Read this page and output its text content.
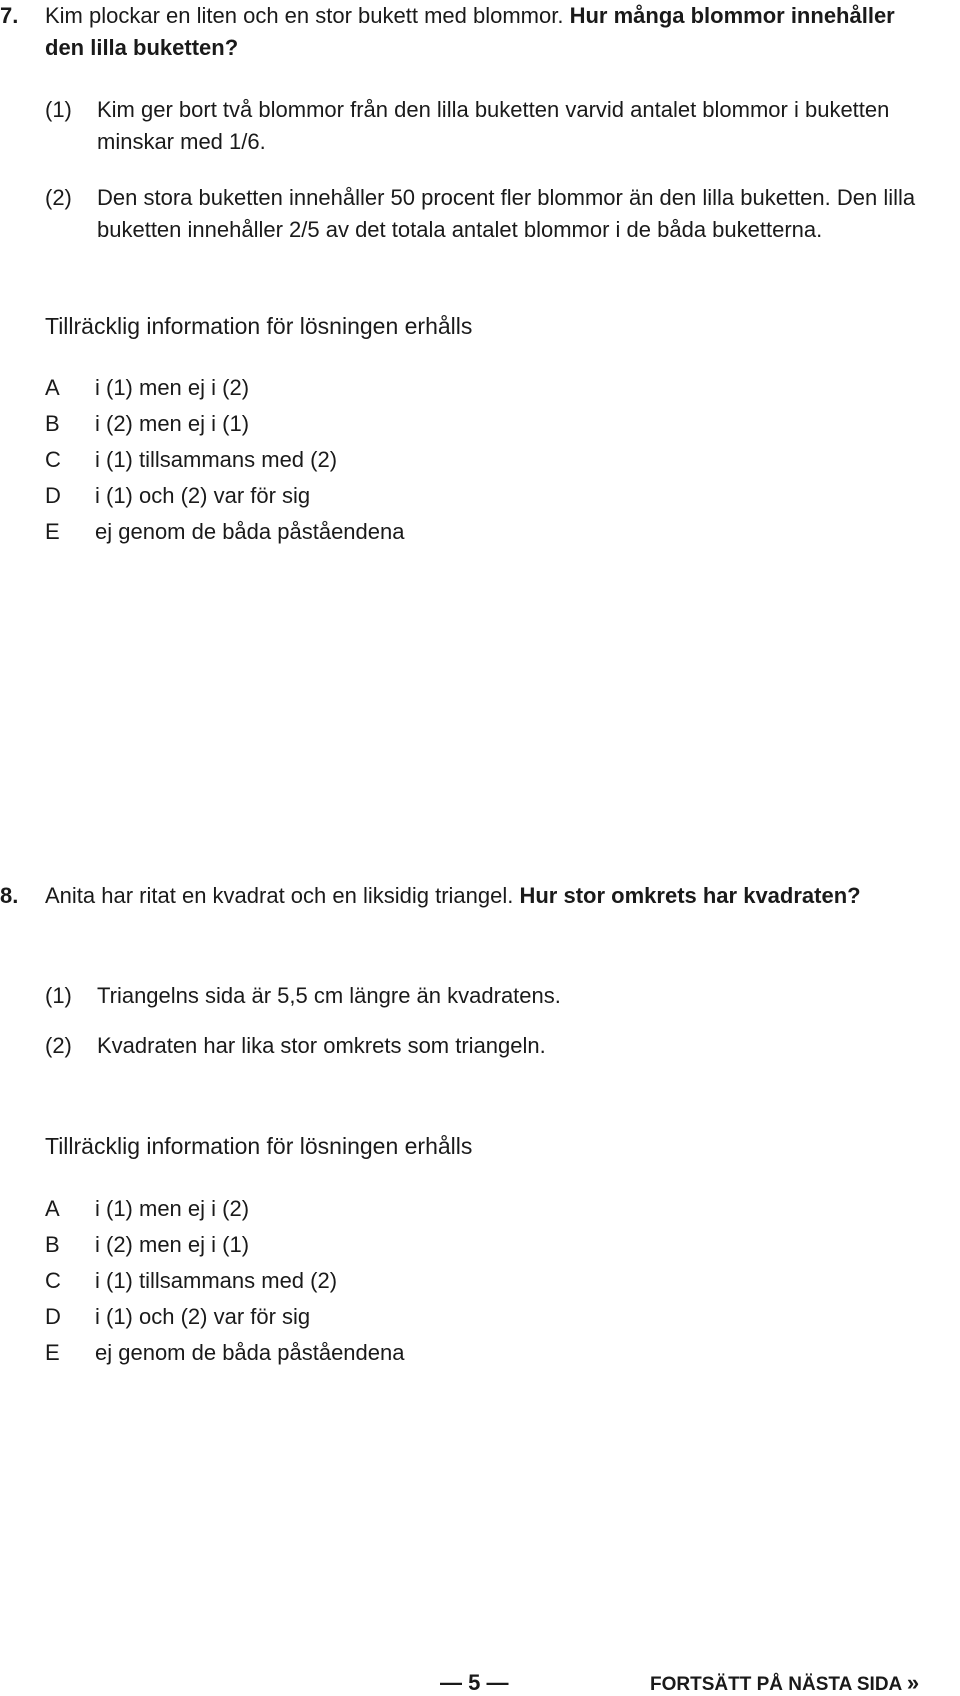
7. Kim plockar en liten och en stor bukett med blommor. Hur många blommor innehåller den lilla buketten?
(1) Kim ger bort två blommor från den lilla buketten varvid antalet blommor i buketten minskar med 1/6.
(2) Den stora buketten innehåller 50 procent fler blommor än den lilla buketten. Den lilla buketten innehåller 2/5 av det totala antalet blommor i de båda buketterna.
Tillräcklig information för lösningen erhålls
A	i (1) men ej i (2)
B	i (2) men ej i (1)
C	i (1) tillsammans med (2)
D	i (1) och (2) var för sig
E	ej genom de båda påståendena
8. Anita har ritat en kvadrat och en liksidig triangel. Hur stor omkrets har kvadraten?
(1) Triangelns sida är 5,5 cm längre än kvadratens.
(2) Kvadraten har lika stor omkrets som triangeln.
Tillräcklig information för lösningen erhålls
A	i (1) men ej i (2)
B	i (2) men ej i (1)
C	i (1) tillsammans med (2)
D	i (1) och (2) var för sig
E	ej genom de båda påståendena
— 5 —	FORTSÄTT PÅ NÄSTA SIDA »
